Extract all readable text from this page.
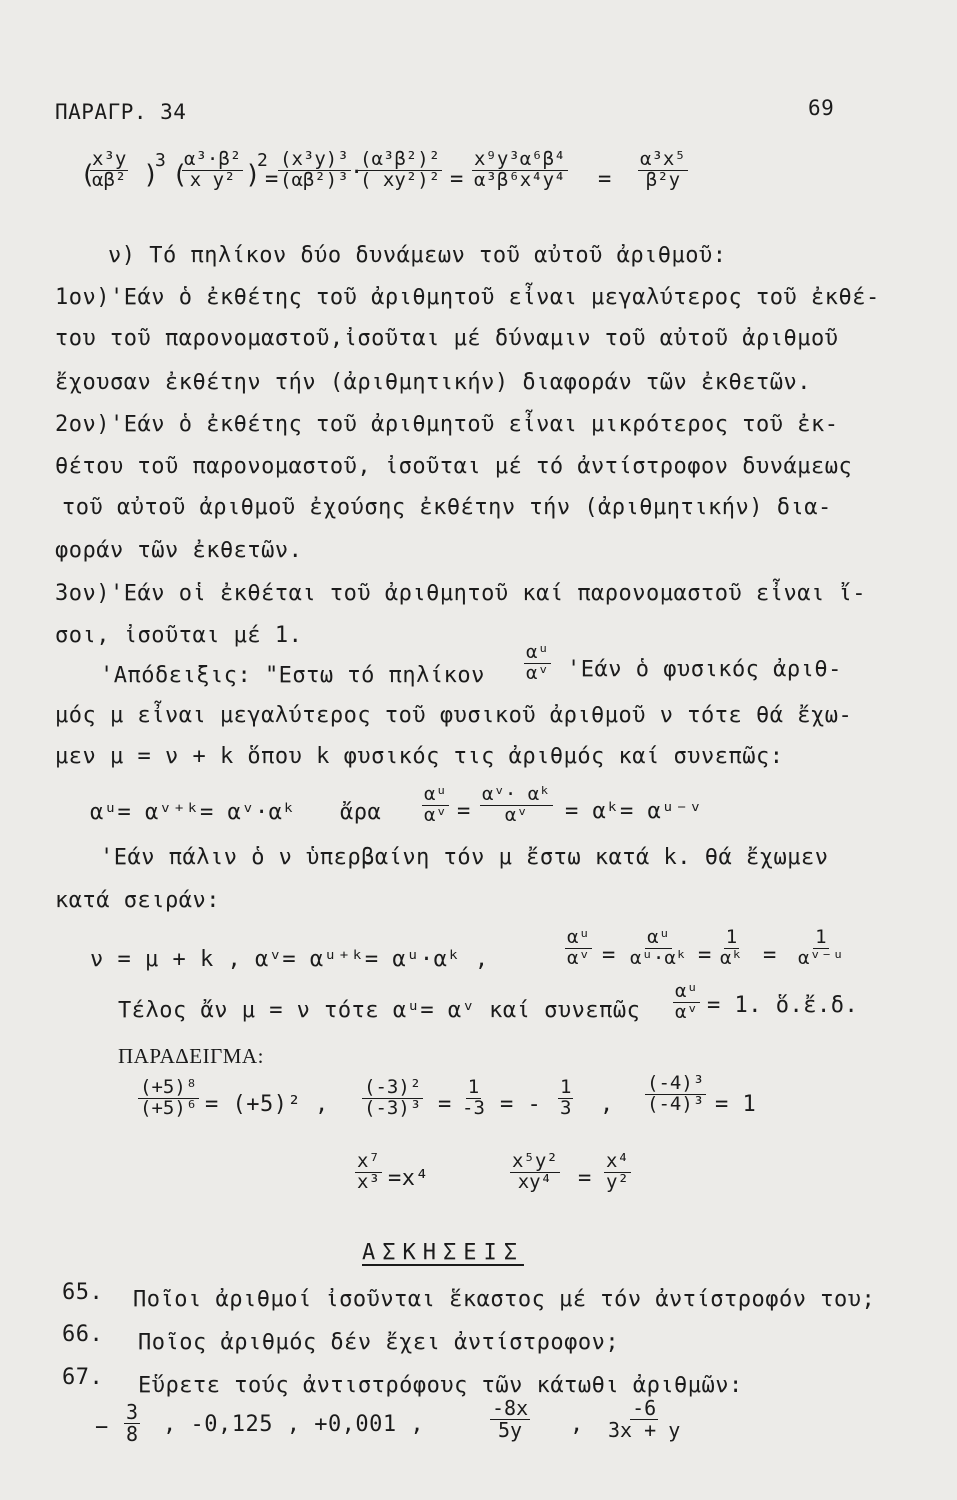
ΠΑΡΑΓΡ. 34	69
(
$\frac{\text{x³y}}{\text{αβ²}}$ )
3 (
$\frac{\text{α³·β²}}{\text{x y²}}$ )
2
= $\frac{\text{(x³y)³}}{\text{(αβ²)³}}$ ·
$\frac{\text{(α³β²)²}}{\text{( xy²)²}} = \frac{\text{x⁹y³α⁶β⁴}}{\text{α³β⁶x⁴y⁴}} = \frac{\text{α³x⁵}}{\text{β²y}}$
ν) Τό πηλίκον δύο δυνάμεων τοῦ αὐτοῦ ἀριθμοῦ:
1ον)'Εάν ὁ ἐκθέτης τοῦ ἀριθμητοῦ εἶναι μεγαλύτερος τοῦ ἐκθέ-
του τοῦ παρονομαστοῦ,ἰσοῦται μέ δύναμιν τοῦ αὐτοῦ ἀριθμοῦ
ἔχουσαν ἐκθέτην τήν (ἀριθμητικήν) διαφοράν τῶν ἐκθετῶν.
2ον)'Εάν ὁ ἐκθέτης τοῦ ἀριθμητοῦ εἶναι μικρότερος τοῦ ἐκ-
θέτου τοῦ παρονομαστοῦ, ἰσοῦται μέ τό ἀντίστροφον δυνάμεως
τοῦ αὐτοῦ ἀριθμοῦ ἐχούσης ἐκθέτην τήν (ἀριθμητικήν) δια-
φοράν τῶν ἐκθετῶν.
3ον)'Εάν οἱ ἐκθέται τοῦ ἀριθμητοῦ καί παρονομαστοῦ εἶναι ἴ-
σοι, ἰσοῦται μέ 1.
'Απόδειξις: "Εστω τό πηλίκον $\frac{\text{αᵘ}}{\text{αᵛ}}$ 'Εάν ὁ φυσικός ἀριθ-
μός μ εἶναι μεγαλύτερος τοῦ φυσικοῦ ἀριθμοῦ ν τότε θά ἔχω-
μεν μ = ν + k ὅπου k φυσικός τις ἀριθμός καί συνεπῶς:
αᵘ= αᵛ⁺ᵏ= αᵛ·αᵏ ἄρα $\frac{\text{αᵘ}}{\text{αᵛ}} = \frac{\text{αᵛ· αᵏ}}{\text{αᵛ}}$ = αᵏ= αᵘ⁻ᵛ
'Εάν πάλιν ὁ ν ὑπερβαίνη τόν μ ἔστω κατά k. θά ἔχωμεν
κατά σειράν:
ν = μ + k , αᵛ= αᵘ⁺ᵏ= αᵘ·αᵏ ,	$\frac{\text{αᵘ}}{\text{αᵛ}} = \frac{\text{αᵘ}}{\text{αᵘ·αᵏ}} = \frac{1}{\text{αᵏ}} = \frac{1}{\text{αᵛ⁻ᵘ}}$
Τέλος ἄν μ = ν τότε αᵘ= αᵛ καί συνεπῶς $\frac{\text{αᵘ}}{\text{αᵛ}} = 1$. ὅ.ἔ.δ.
ΠΑΡΑΔΕΙΓΜΑ:
$\frac{\text{(+5)⁸}}{\text{(+5)⁶}} = (+5)^2$ , $\frac{\text{(-3)²}}{\text{(-3)³}} = \frac{1}{-3}$ = - $\frac{1}{3}$ , $\frac{\text{(-4)³}}{\text{(-4)³}} = 1$
$\frac{\text{x⁷}}{\text{x³}} =x^4$	$\frac{\text{x⁵y²}}{\text{xy⁴}} = \frac{\text{x⁴}}{\text{y²}}$
ΑΣΚΗΣΕΙΣ
65. Ποῖοι ἀριθμοί ἰσοῦνται ἕκαστος μέ τόν ἀντίστροφόν του;
66. Ποῖος ἀριθμός δέν ἔχει ἀντίστροφον;
67. Εὕρετε τούς ἀντιστρόφους τῶν κάτωθι ἀριθμῶν:
− $\frac{3}{8}$ , -0,125 , +0,001 ,	$\frac{-8x}{5y}$ , $\frac{-6}{3x + y}$
